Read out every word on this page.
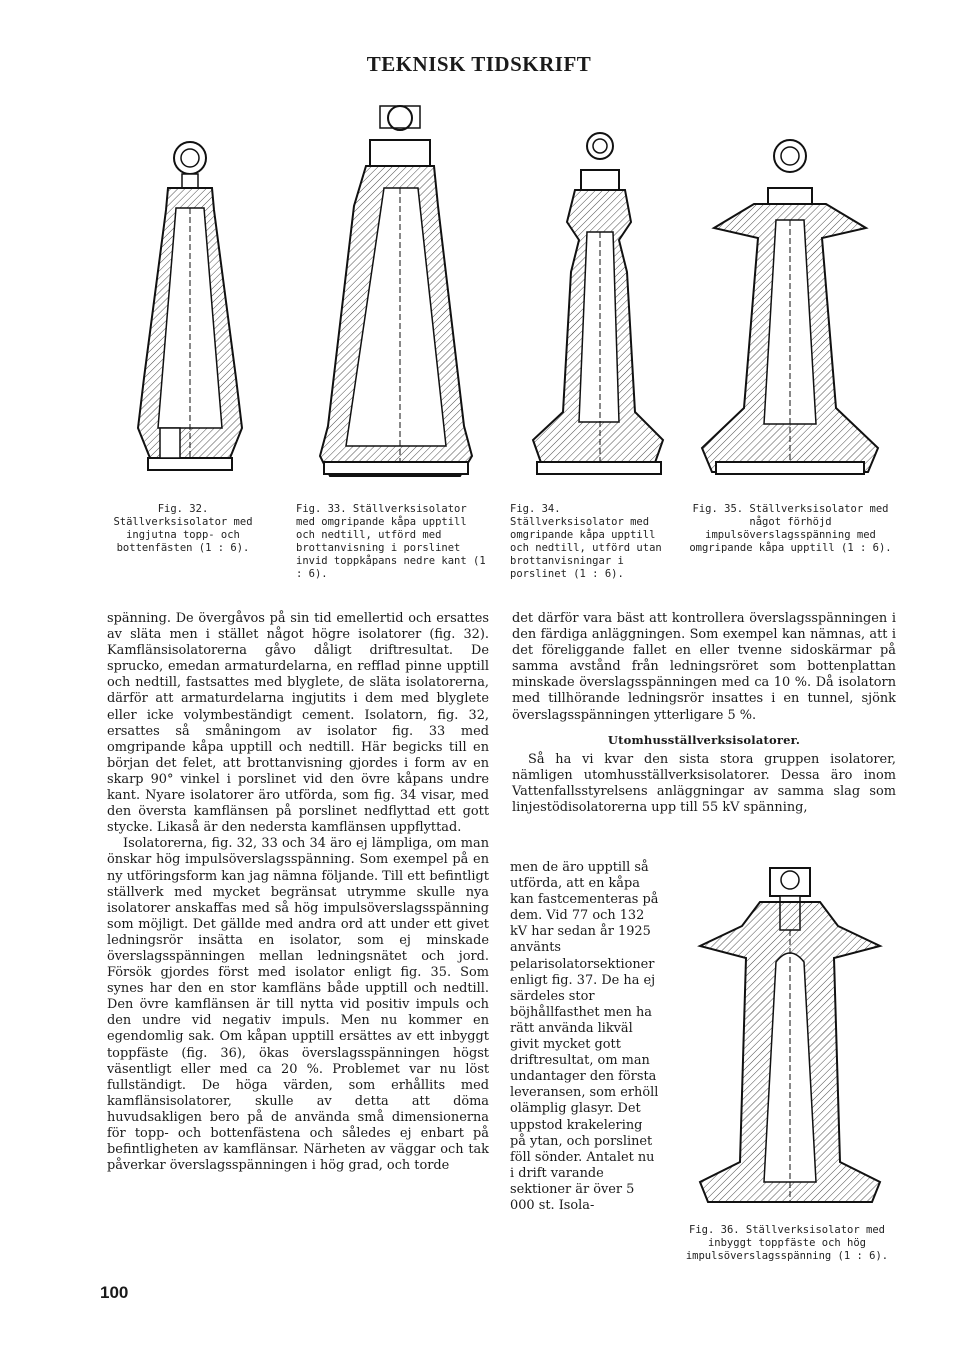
TEKNISK TIDSKRIFT
Fig. 32. Ställverksisolator med ingjutna topp- och bottenfästen (1 : 6).
Fig. 33. Ställverksisolator med omgripande kåpa upptill och nedtill, utförd med brottanvisning i porslinet invid toppkåpans nedre kant (1 : 6).
Fig. 34. Ställverksisolator med omgripande kåpa upptill och nedtill, utförd utan brottanvisningar i porslinet (1 : 6).
Fig. 35. Ställverksisolator med något förhöjd impulsöverslagsspänning med omgripande kåpa upptill (1 : 6).

spänning. De övergåvos på sin tid emellertid och ersattes av släta men i stället något högre isolatorer (fig. 32). Kamflänsisolatorerna gåvo dåligt driftresultat. De sprucko, emedan armaturdelarna, en refflad pinne upptill och nedtill, fastsattes med blyglete, de släta isolatorerna, därför att armaturdelarna ingjutits i dem med blyglete eller icke volymbeständigt cement. Isolatorn, fig. 32, ersattes så småningom av isolator fig. 33 med omgripande kåpa upptill och nedtill. Här begicks till en början det felet, att brottanvisning gjordes i form av en skarp 90° vinkel i porslinet vid den övre kåpans undre kant. Nyare isolatorer äro utförda, som fig. 34 visar, med den översta kamflänsen på porslinet nedflyttad ett gott stycke. Likaså är den nedersta kamflänsen uppflyttad.

Isolatorerna, fig. 32, 33 och 34 äro ej lämpliga, om man önskar hög impulsöverslagsspänning. Som exempel på en ny utföringsform kan jag nämna följande. Till ett befintligt ställverk med mycket begränsat utrymme skulle nya isolatorer anskaffas med så hög impulsöverslagsspänning som möjligt. Det gällde med andra ord att under ett givet ledningsrör insätta en isolator, som ej minskade överslagsspänningen mellan ledningsnätet och jord. Försök gjordes först med isolator enligt fig. 35. Som synes har den en stor kamfläns både upptill och nedtill. Den övre kamflänsen är till nytta vid positiv impuls och den undre vid negativ impuls. Men nu kommer en egendomlig sak. Om kåpan upptill ersättes av ett inbyggt toppfäste (fig. 36), ökas överslagsspänningen högst väsentligt eller med ca 20 %. Problemet var nu löst fullständigt. De höga värden, som erhållits med kamflänsisolatorer, skulle av detta att döma huvudsakligen bero på de använda små dimensionerna för topp- och bottenfästena och således ej enbart på befintligheten av kamflänsar. Närheten av väggar och tak påverkar överslagsspänningen i hög grad, och torde

det därför vara bäst att kontrollera överslagsspänningen i den färdiga anläggningen. Som exempel kan nämnas, att i det föreliggande fallet en eller tvenne sidoskärmar på samma avstånd från ledningsröret som bottenplattan minskade överslagsspänningen med ca 10 %. Då isolatorn med tillhörande ledningsrör insattes i en tunnel, sjönk överslagsspänningen ytterligare 5 %.

Utomhusställverksisolatorer.

Så ha vi kvar den sista stora gruppen isolatorer, nämligen utomhusställverksisolatorer. Dessa äro inom Vattenfallsstyrelsens anläggningar av samma slag som linjestödisolatorerna upp till 55 kV spänning,

men de äro upptill så utförda, att en kåpa kan fastcementeras på dem. Vid 77 och 132 kV har sedan år 1925 använts pelarisolatorsektioner enligt fig. 37. De ha ej särdeles stor böjhållfasthet men ha rätt använda likväl givit mycket gott driftresultat, om man undantager den första leveransen, som erhöll olämplig glasyr. Det uppstod krakelering på ytan, och porslinet föll sönder. Antalet nu i drift varande sektioner är över 5 000 st. Isola-

Fig. 36. Ställverksisolator med inbyggt toppfäste och hög impulsöverslagsspänning (1 : 6).
100
